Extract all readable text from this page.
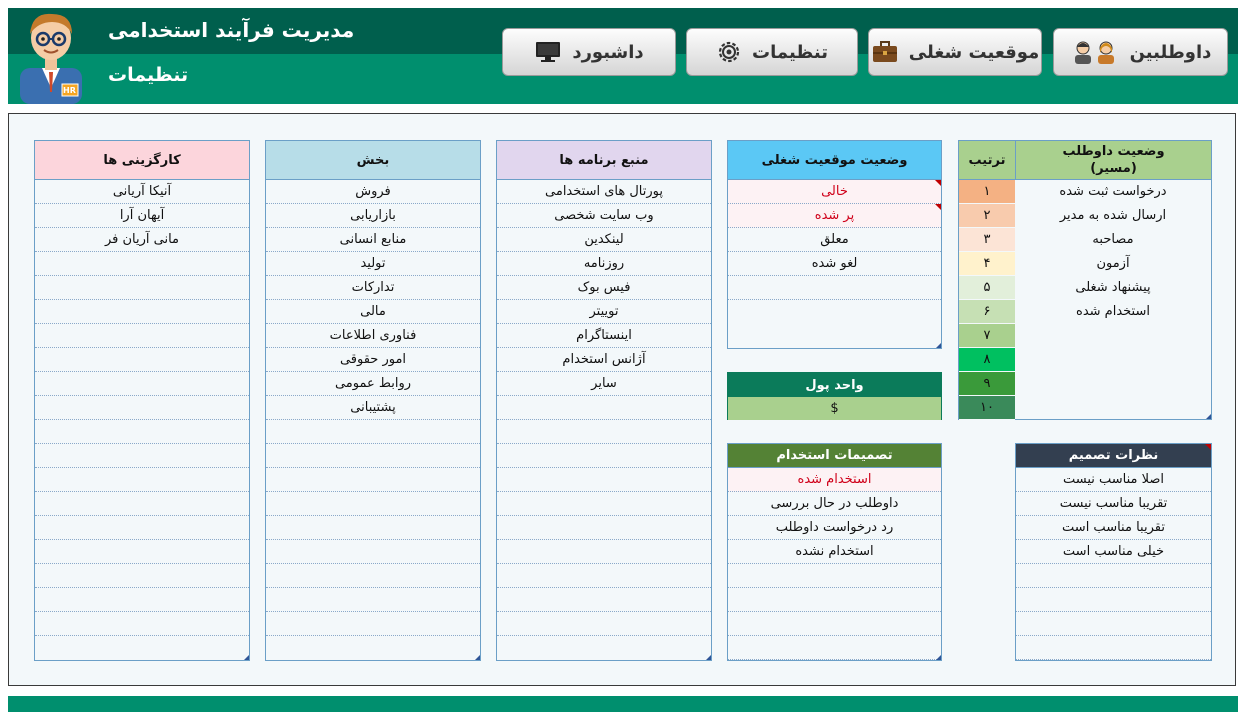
HR
مدیریت فرآیند استخدامی
تنظیمات
داشبورد	تنظیمات	موقعیت شغلی	داوطلبین
وضعیت داوطلب
(مسیر)
ترتیب
۱	درخواست ثبت شده
۲	ارسال شده به مدیر
۳	مصاحبه
۴	آزمون
۵	پیشنهاد شغلی
۶	استخدام شده
۷
۸
۹
۱۰
وضعیت موقعیت شغلی
خالی
پر شده
معلق
لغو شده
واحد پول
$
تصمیمات استخدام
استخدام شده
داوطلب در حال بررسی
رد درخواست داوطلب
استخدام نشده
نظرات تصمیم
اصلا مناسب نیست
تقریبا مناسب نیست
تقریبا مناسب است
خیلی مناسب است
منبع برنامه ها
پورتال های استخدامی
وب سایت شخصی
لینکدین
روزنامه
فیس بوک
توییتر
اینستاگرام
آژانس استخدام
سایر
بخش
فروش
بازاریابی
منابع انسانی
تولید
تدارکات
مالی
فناوری اطلاعات
امور حقوقی
روابط عمومی
پشتیبانی
کارگزینی ها
آنیکا آریانی
آیهان آرا
مانی آریان فر
